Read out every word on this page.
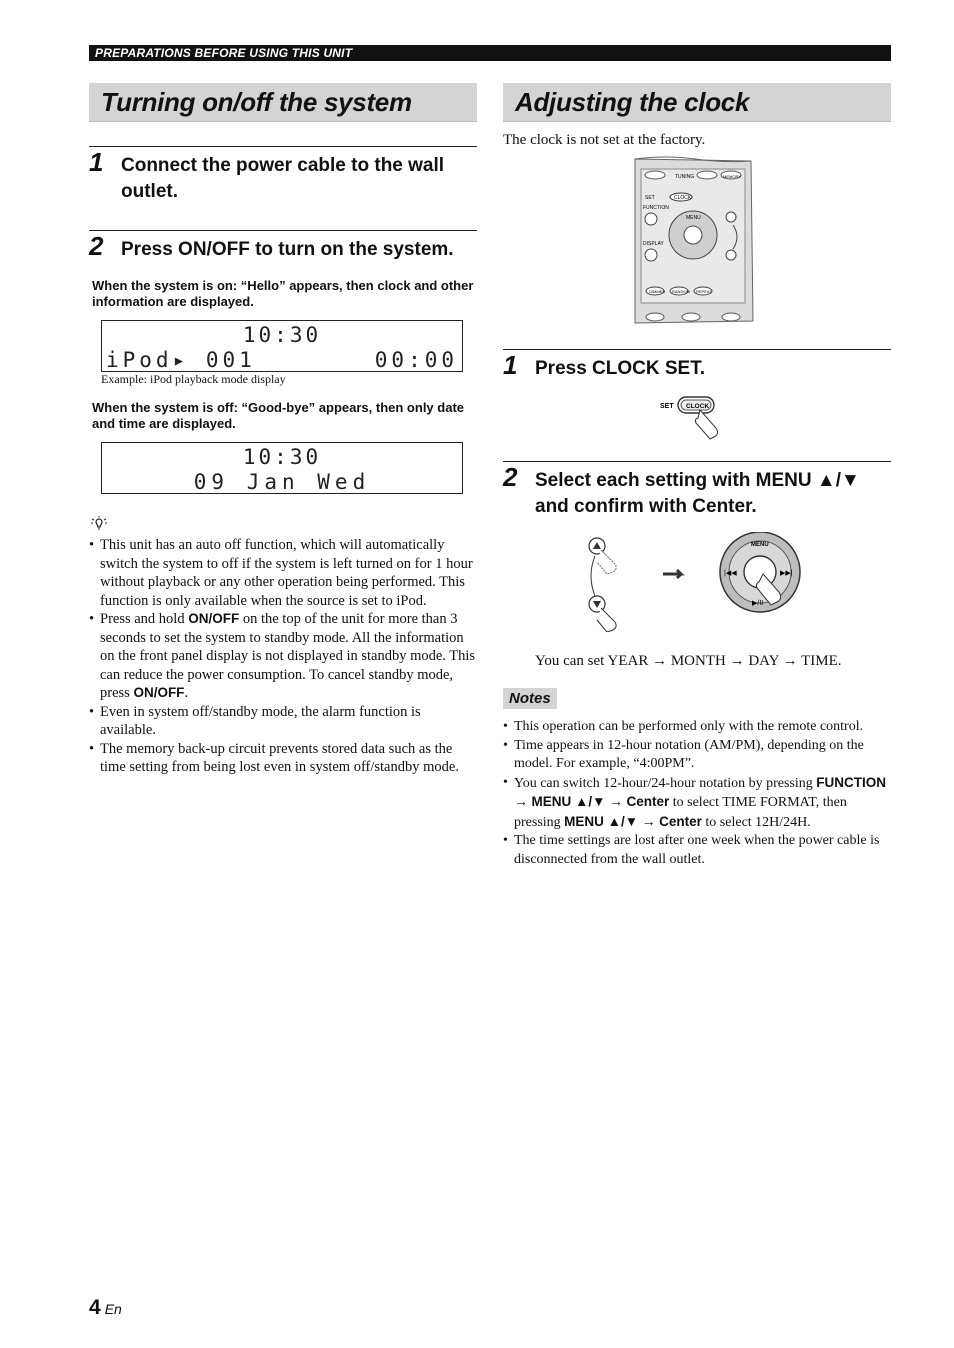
PREPARATIONS BEFORE USING THIS UNIT
Turning on/off the system
1 Connect the power cable to the wall outlet.
2 Press ON/OFF to turn on the system.

When the system is on: “Hello” appears, then clock and other information are displayed.

10:30
iPod▸ 001	00:00
Example: iPod playback mode display

When the system is off: “Good-bye” appears, then only date and time are displayed.

10:30
09 Jan Wed
• This unit has an auto off function, which will automatically switch the system to off if the system is left turned on for 1 hour without playback or any other operation being performed. This function is only available when the source is set to iPod.
• Press and hold ON/OFF on the top of the unit for more than 3 seconds to set the system to standby mode. All the information on the front panel display is not displayed in standby mode. This can reduce the power consumption. To cancel standby mode, press ON/OFF.
• Even in system off/standby mode, the alarm function is available.
• The memory back-up circuit prevents stored data such as the time setting from being lost even in system off/standby mode.
Adjusting the clock
The clock is not set at the factory.
TUNING	MEMORY
SET	CLOCK
FUNCTION
MENU
DISPLAY
DIMMER RANDOM REPEAT
1 Press CLOCK SET.
SET CLOCK
2 Select each setting with MENU ▲/▼ and confirm with Center.
MENU
|◀◀	▶▶|
▶/II
You can set YEAR → MONTH → DAY → TIME.
Notes
• This operation can be performed only with the remote control.
• Time appears in 12-hour notation (AM/PM), depending on the model. For example, “4:00PM”.
• You can switch 12-hour/24-hour notation by pressing FUNCTION → MENU ▲/▼ → Center to select TIME FORMAT, then pressing MENU ▲/▼ → Center to select 12H/24H.
• The time settings are lost after one week when the power cable is disconnected from the wall outlet.
4 En
